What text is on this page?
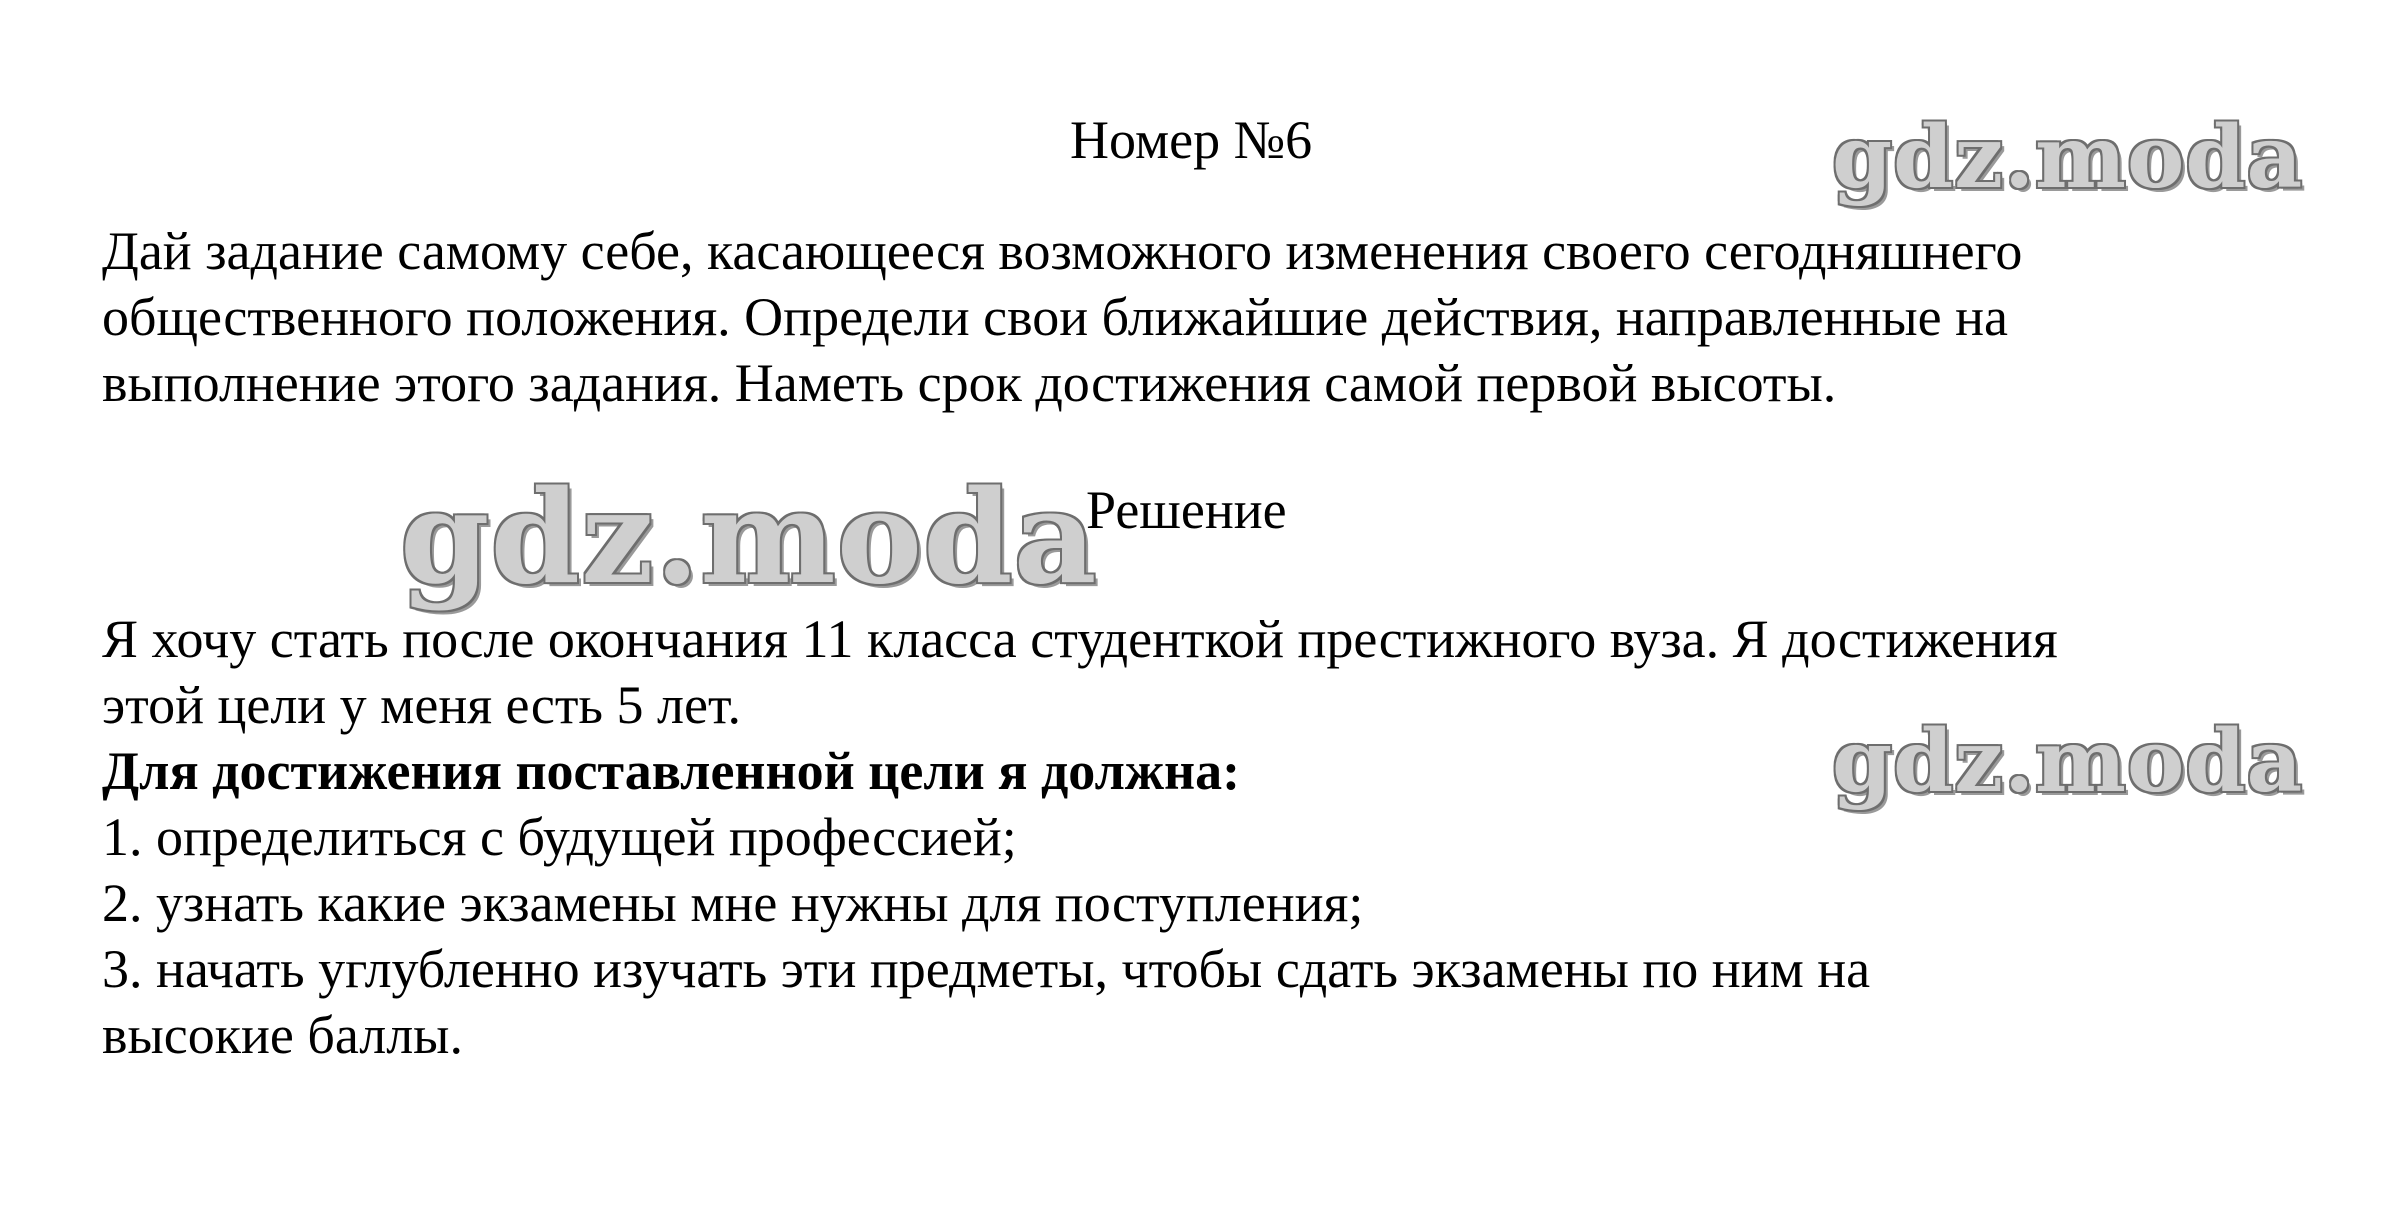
Номер №6	gdz.moda
Дай задание самому себе, касающееся возможного изменения своего сегодняшнего
общественного положения. Определи свои ближайшие действия, направленные на
выполнение этого задания. Наметь срок достижения самой первой высоты.
gdz.moda
Решение
Я хочу стать после окончания 11 класса студенткой престижного вуза. Я достижения
этой цели у меня есть 5 лет.
Для достижения поставленной цели я должна:
1. определиться с будущей профессией;
2. узнать какие экзамены мне нужны для поступления;
3. начать углубленно изучать эти предметы, чтобы сдать экзамены по ним на
высокие баллы.
gdz.moda
